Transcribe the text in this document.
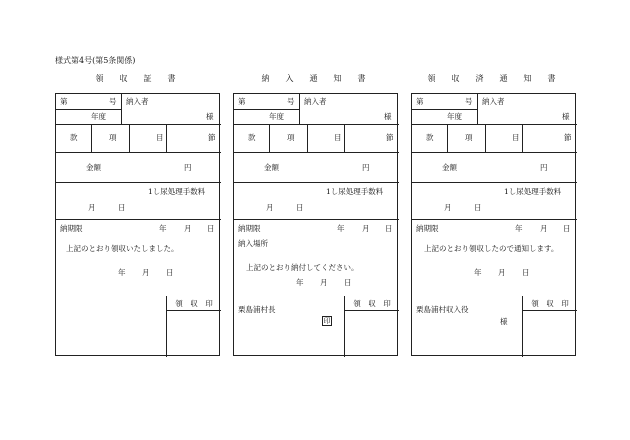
様式第4号(第5条関係)
領　収　証　書	納　入　通　知　書	領　収　済　通　知　書
第	号 納入者
年度	様
款	項	目	節
金額	円
1し尿処理手数料
月	日
納期限	年 月 日
上記のとおり領収いたしました。
年 月 日
領　収　印
第	号 納入者
年度	様
款	項	目	節
金額	円
1し尿処理手数料
月	日
納期限	年 月 日
納入場所
上記のとおり納付してください。
年 月 日
栗島浦村長
印
領　収　印
第	号 納入者
年度	様
款	項	目	節
金額	円
1し尿処理手数料
月	日
納期限	年 月 日
上記のとおり領収したので通知します。
年 月 日
栗島浦村収入役
様
領　収　印
